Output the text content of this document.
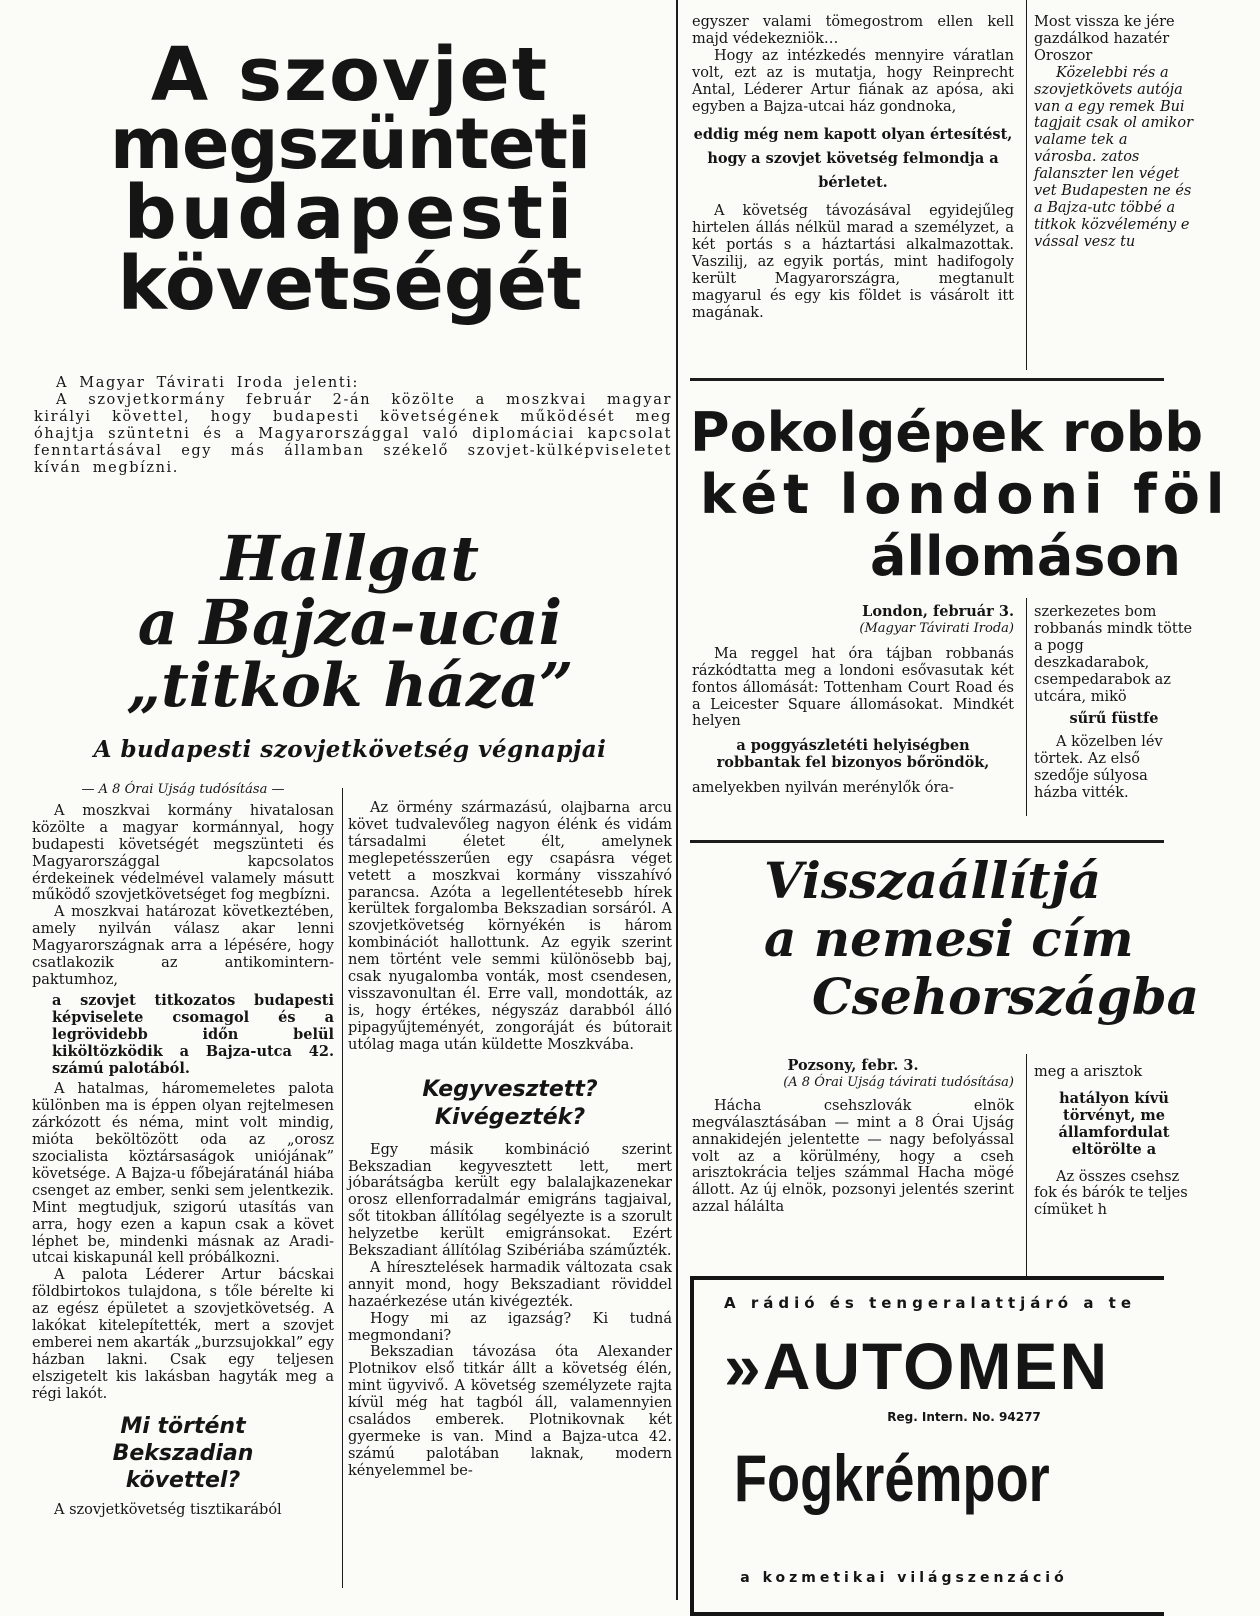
A szovjet

megszünteti

budapesti

követségét

A Magyar Távirati Iroda jelenti:

A szovjetkormány február 2-án közölte a moszkvai magyar királyi követtel, hogy budapesti követségének működését meg óhajtja szüntetni és a Magyarországgal való diplomáciai kapcsolat fenntartásával egy más államban székelő szovjet-külképviseletet kíván megbízni.

Hallgat

a Bajza-ucai

„titkok háza”

A budapesti szovjetkövetség végnapjai

— A 8 Órai Ujság tudósítása —

A moszkvai kormány hivatalosan közölte a magyar kormánnyal, hogy budapesti követségét megszünteti és Magyarországgal kapcsolatos érdekeinek védelmével valamely másutt működő szovjetkövetséget fog megbízni.

A moszkvai határozat következtében, amely nyilván válasz akar lenni Magyarországnak arra a lépésére, hogy csatlakozik az antikomintern-paktumhoz,

a szovjet titkozatos budapesti képviselete csomagol és a legrövidebb időn belül kiköltözködik a Bajza-utca 42. számú palotából.

A hatalmas, háromemeletes palota különben ma is éppen olyan rejtelmesen zárkózott és néma, mint volt mindig, mióta beköltözött oda az „orosz szocialista köztársaságok uniójának” követsége. A Bajza-u főbejáratánál hiába csenget az ember, senki sem jelentkezik. Mint megtudjuk, szigorú utasítás van arra, hogy ezen a kapun csak a követ léphet be, mindenki másnak az Aradi-utcai kiskapunál kell próbálkozni.

A palota Léderer Artur bácskai földbirtokos tulajdona, s tőle bérelte ki az egész épületet a szovjetkövetség. A lakókat kitelepítették, mert a szovjet emberei nem akarták „burzsujokkal” egy házban lakni. Csak egy teljesen elszigetelt kis lakásban hagyták meg a régi lakót.

Mi történt

Bekszadian

követtel?

A szovjetkövetség tisztikarából

Az örmény származású, olajbarna arcu követ tudvalevőleg nagyon élénk és vidám társadalmi életet élt, amelynek meglepetésszerűen egy csapásra véget vetett a moszkvai kormány visszahívó parancsa. Azóta a legellentétesebb hírek kerültek forgalomba Bekszadian sorsáról. A szovjetkövetség környékén is három kombinációt hallottunk. Az egyik szerint nem történt vele semmi különösebb baj, csak nyugalomba vonták, most csendesen, visszavonultan él. Erre vall, mondották, az is, hogy értékes, négyszáz darabból álló pipagyűjteményét, zongoráját és bútorait utólag maga után küldette Moszkvába.

Kegyvesztett?

Kivégezték?

Egy másik kombináció szerint Bekszadian kegyvesztett lett, mert jóbarátságba került egy balalajkazenekar orosz ellenforradalmár emigráns tagjaival, sőt titokban állítólag segélyezte is a szorult helyzetbe került emigránsokat. Ezért Bekszadiant állítólag Szibériába száműzték.

A híresztelések harmadik változata csak annyit mond, hogy Bekszadiant röviddel hazaérkezése után kivégezték.

Hogy mi az igazság? Ki tudná megmondani?

Bekszadian távozása óta Alexander Plotnikov első titkár állt a követség élén, mint ügyvivő. A követség személyzete rajta kívül még hat tagból áll, valamennyien családos emberek. Plotnikovnak két gyermeke is van. Mind a Bajza-utca 42. számú palotában laknak, modern kényelemmel be-

egyszer valami tömegostrom ellen kell majd védekezniök…

Hogy az intézkedés mennyire váratlan volt, ezt az is mutatja, hogy Reinprecht Antal, Léderer Artur fiának az apósa, aki egyben a Bajza-utcai ház gondnoka,

eddig még nem kapott olyan értesítést, hogy a szovjet követség felmondja a bérletet.

A követség távozásával egyidejűleg hirtelen állás nélkül marad a személyzet, a két portás s a háztartási alkalmazottak. Vaszilij, az egyik portás, mint hadifogoly került Magyarországra, megtanult magyarul és egy kis földet is vásárolt itt magának.

Most vissza ke jére gazdálkod hazatér Oroszor

Közelebbi rés a szovjetkövets autója van a egy remek Bui tagjait csak ol amikor valame tek a városba. zatos falanszter len véget vet Budapesten ne és a Bajza-utc többé a titkok közvélemény e vással vesz tu

Pokolgépek robb

két londoni föl

állomáson

London, február 3.

(Magyar Távirati Iroda)

Ma reggel hat óra tájban robbanás rázkódtatta meg a londoni esővasutak két fontos állomását: Tottenham Court Road és a Leicester Square állomásokat. Mindkét helyen

a poggyászletéti helyiségben robbantak fel bizonyos bőröndök,

amelyekben nyilván merénylők óra-

szerkezetes bom robbanás mindk tötte a pogg deszkadarabok, csempedarabok az utcára, mikö

sűrű füstfe

A közelben lév törtek. Az első szedője súlyosa házba vitték.

Visszaállítjá

a nemesi cím

Csehországba

Pozsony, febr. 3.

(A 8 Órai Ujság távirati tudósítása)

Hácha csehszlovák elnök megválasztásában — mint a 8 Órai Ujság annakidején jelentette — nagy befolyással volt az a körülmény, hogy a cseh arisztokrácia teljes számmal Hacha mögé állott. Az új elnök, pozsonyi jelentés szerint azzal hálálta

meg a arisztok

hatályon kívü törvényt, me államfordulat eltörölte a

Az összes csehsz fok és bárók te teljes címüket h

A rádió és tengeralattjáró a te
»AUTOMEN
Reg. Intern. No. 94277
Fogkrémpor
a kozmetikai világszenzáció
